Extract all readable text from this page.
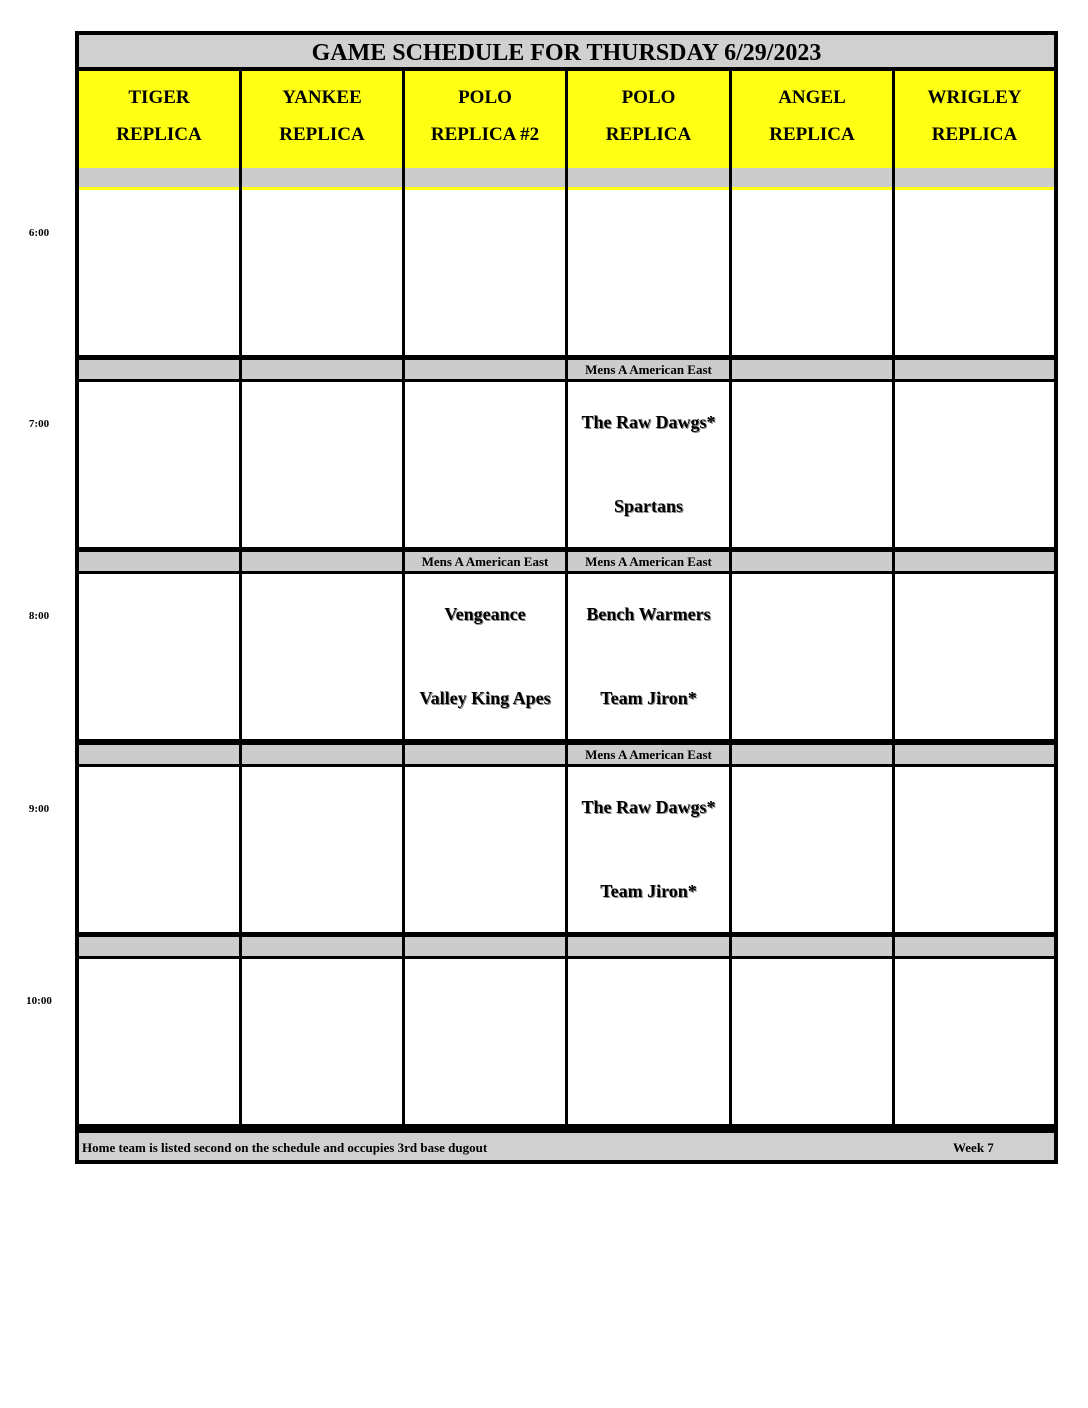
6:00
7:00
8:00
9:00
10:00
GAME SCHEDULE FOR THURSDAY 6/29/2023
Home team is listed second on the schedule and occupies 3rd base dugout	Week 7
TIGER
REPLICA
YANKEE
REPLICA
POLO
REPLICA #2
POLO
REPLICA
ANGEL
REPLICA
WRIGLEY
REPLICA
Mens A American East
The Raw Dawgs*
Spartans
Mens A American East
Vengeance
Valley King Apes
Mens A American East
Bench Warmers
Team Jiron*
Mens A American East
The Raw Dawgs*
Team Jiron*
